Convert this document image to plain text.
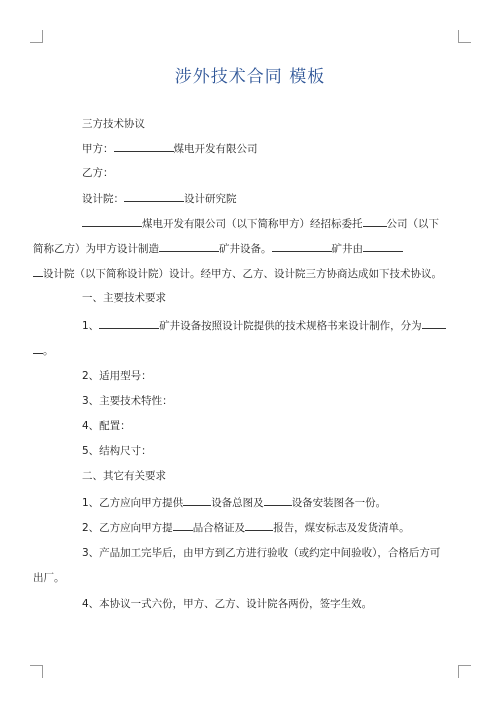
涉外技术合同 模板
三方技术协议
甲方：	煤电开发有限公司
乙方：
设计院：	设计研究院
煤电开发有限公司（以下简称甲方）经招标委托 公司（以下
简称乙方）为甲方设计制造	矿井设备。	矿井由
设计院（以下简称设计院）设计。经甲方、乙方、设计院三方协商达成如下技术协议。
一、主要技术要求
1、	矿井设备按照设计院提供的技术规格书来设计制作，分为
。
2、适用型号：
3、主要技术特性：
4、配置：
5、结构尺寸：
二、其它有关要求
1、乙方应向甲方提供	设备总图及	设备安装图各一份。
2、乙方应向甲方提 品合格证及	报告，煤安标志及发货清单。
3、产品加工完毕后，由甲方到乙方进行验收（或约定中间验收），合格后方可
出厂。
4、本协议一式六份，甲方、乙方、设计院各两份，签字生效。
